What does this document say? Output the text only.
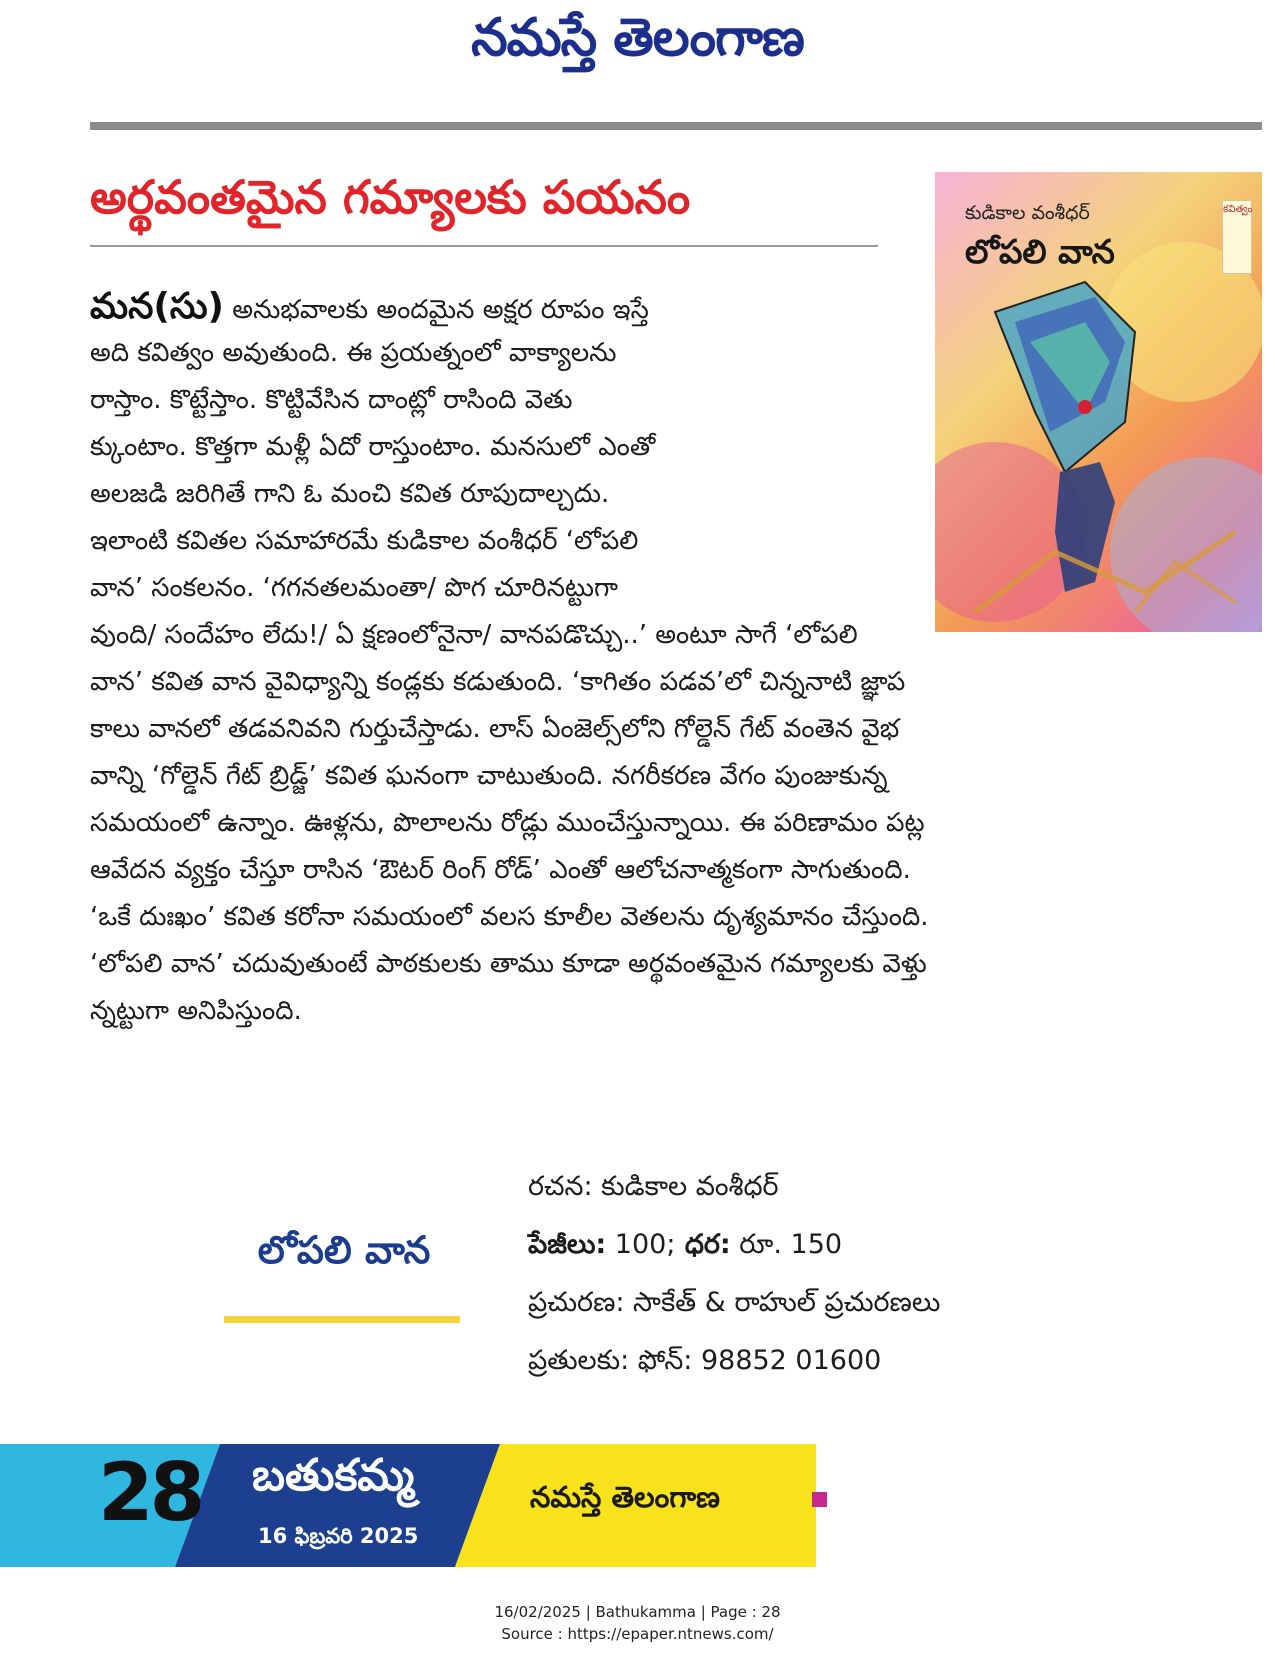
నమస్తే తెలంగాణ
అర్థవంతమైన గమ్యాలకు పయనం	కుడికాల వంశీధర్
లోపలి వాన
కవిత్వం
మన(సు) అనుభవాలకు అందమైన అక్షర రూపం ఇస్తే
అది కవిత్వం అవుతుంది. ఈ ప్రయత్నంలో వాక్యాలను
రాస్తాం. కొట్టేస్తాం. కొట్టివేసిన దాంట్లో రాసింది వెతు
క్కుంటాం. కొత్తగా మళ్లీ ఏదో రాస్తుంటాం. మనసులో ఎంతో
అలజడి జరిగితే గాని ఓ మంచి కవిత రూపుదాల్చదు.
ఇలాంటి కవితల సమాహారమే కుడికాల వంశీధర్ ‘లోపలి
వాన’ సంకలనం. ‘గగనతలమంతా/ పొగ చూరినట్టుగా
వుంది/ సందేహం లేదు!/ ఏ క్షణంలోనైనా/ వానపడొచ్చు..’ అంటూ సాగే ‘లోపలి
వాన’ కవిత వాన వైవిధ్యాన్ని కండ్లకు కడుతుంది. ‘కాగితం పడవ’లో చిన్ననాటి జ్ఞాప
కాలు వానలో తడవనివని గుర్తుచేస్తాడు. లాస్ ఏంజెల్స్‌లోని గోల్డెన్ గేట్ వంతెన వైభ
వాన్ని ‘గోల్డెన్ గేట్ బ్రిడ్జ్’ కవిత ఘనంగా చాటుతుంది. నగరీకరణ వేగం పుంజుకున్న
సమయంలో ఉన్నాం. ఊళ్లను, పొలాలను రోడ్లు ముంచేస్తున్నాయి. ఈ పరిణామం పట్ల
ఆవేదన వ్యక్తం చేస్తూ రాసిన ‘ఔటర్ రింగ్ రోడ్’ ఎంతో ఆలోచనాత్మకంగా సాగుతుంది.
‘ఒకే దుఃఖం’ కవిత కరోనా సమయంలో వలస కూలీల వెతలను దృశ్యమానం చేస్తుంది.
‘లోపలి వాన’ చదువుతుంటే పాఠకులకు తాము కూడా అర్థవంతమైన గమ్యాలకు వెళ్తు
న్నట్టుగా అనిపిస్తుంది.
లోపలి వాన
రచన: కుడికాల వంశీధర్
పేజీలు: 100; ధర: రూ. 150
ప్రచురణ: సాకేత్ & రాహుల్ ప్రచురణలు
ప్రతులకు: ఫోన్: 98852 01600
28 బతుకమ్మ
16 ఫిబ్రవరి 2025
నమస్తే తెలంగాణ
16/02/2025 | Bathukamma | Page : 28
Source : https://epaper.ntnews.com/
